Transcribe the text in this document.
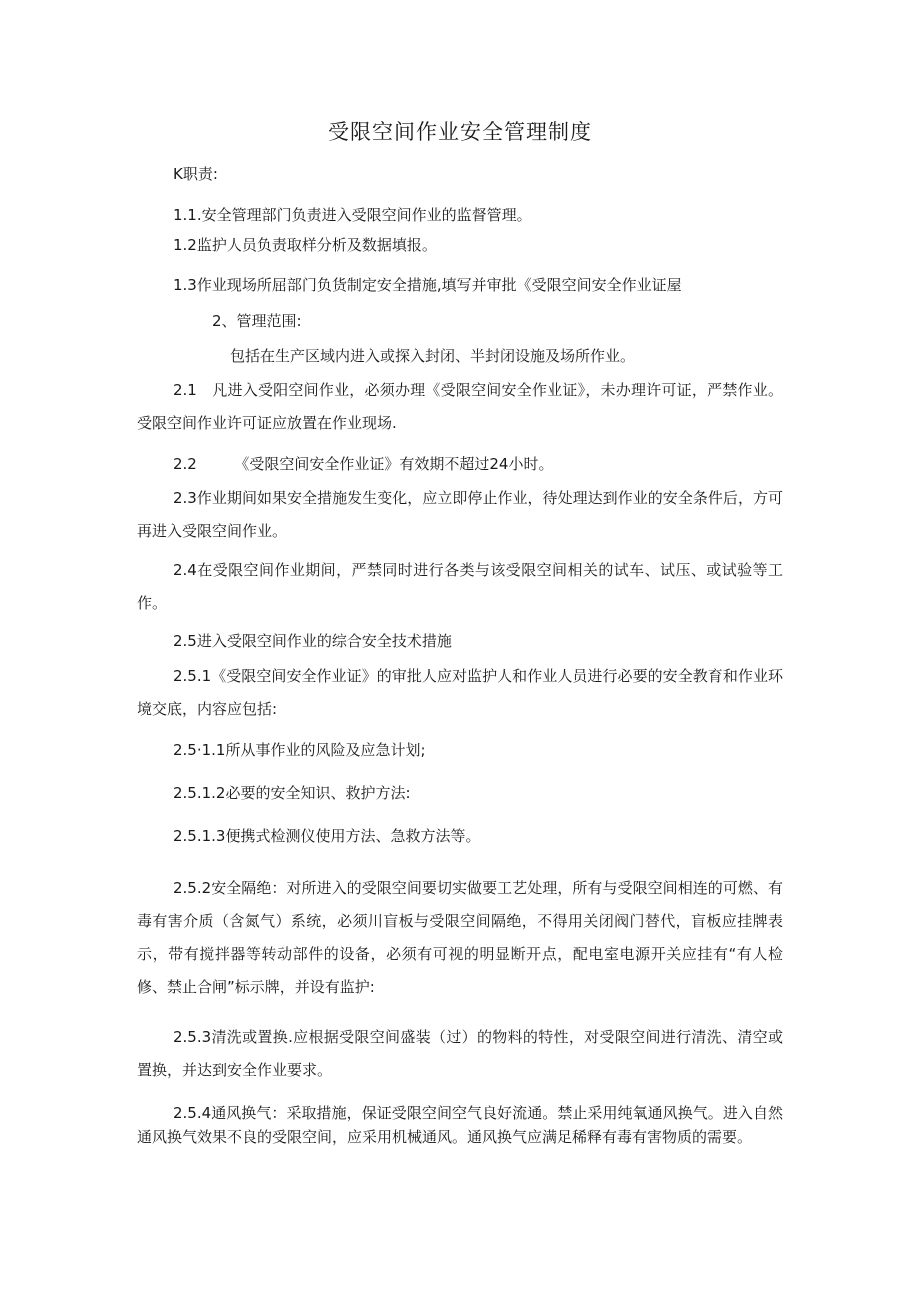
受限空间作业安全管理制度
K职责:
1.1.安全管理部门负责进入受限空间作业的监督管理。
1.2监护人员负责取样分析及数据填报。
1.3作业现场所屈部门负货制定安全措施,填写并审批《受限空间安全作业证屋
2、管理范围:
包括在生产区域内进入或探入封闭、半封闭设施及场所作业。
2.1　凡进入受阳空间作业，必须办理《受限空间安全作业证》，未办理许可证，严禁作业。受限空间作业许可证应放置在作业现场.
2.2　　　《受限空间安全作业证》有效期不超过24小时。
2.3作业期间如果安全措施发生变化，应立即停止作业，待处理达到作业的安全条件后，方可再进入受限空间作业。
2.4在受限空间作业期间，严禁同时进行各类与该受限空间相关的试车、试压、或试验等工作。
2.5进入受限空间作业的综合安全技术措施
2.5.1《受限空间安全作业证》的审批人应对监护人和作业人员进行必要的安全教育和作业环境交底，内容应包括:
2.5·1.1所从事作业的风险及应急计划;
2.5.1.2必要的安全知识、救护方法:
2.5.1.3便携式检测仪使用方法、急救方法等。
2.5.2安全隔绝：对所进入的受限空间要切实做要工艺处理，所有与受限空间相连的可燃、有毒有害介质（含氮气）系统，必须川盲板与受限空间隔绝，不得用关闭阀门替代，盲板应挂牌表示，带有搅拌器等转动部件的设备，必须有可视的明显断开点，配电室电源开关应挂有“有人检修、禁止合闸”标示牌，并设有监护:
2.5.3清洗或置换.应根据受限空间盛装（过）的物料的特性，对受限空间进行清洗、清空或置换，并达到安全作业要求。
2.5.4通风换气：采取措施，保证受限空间空气良好流通。禁止采用纯氧通风换气。进入自然通风换气效果不良的受限空间，应采用机械通风。通风换气应满足稀释有毒有害物质的需要。
